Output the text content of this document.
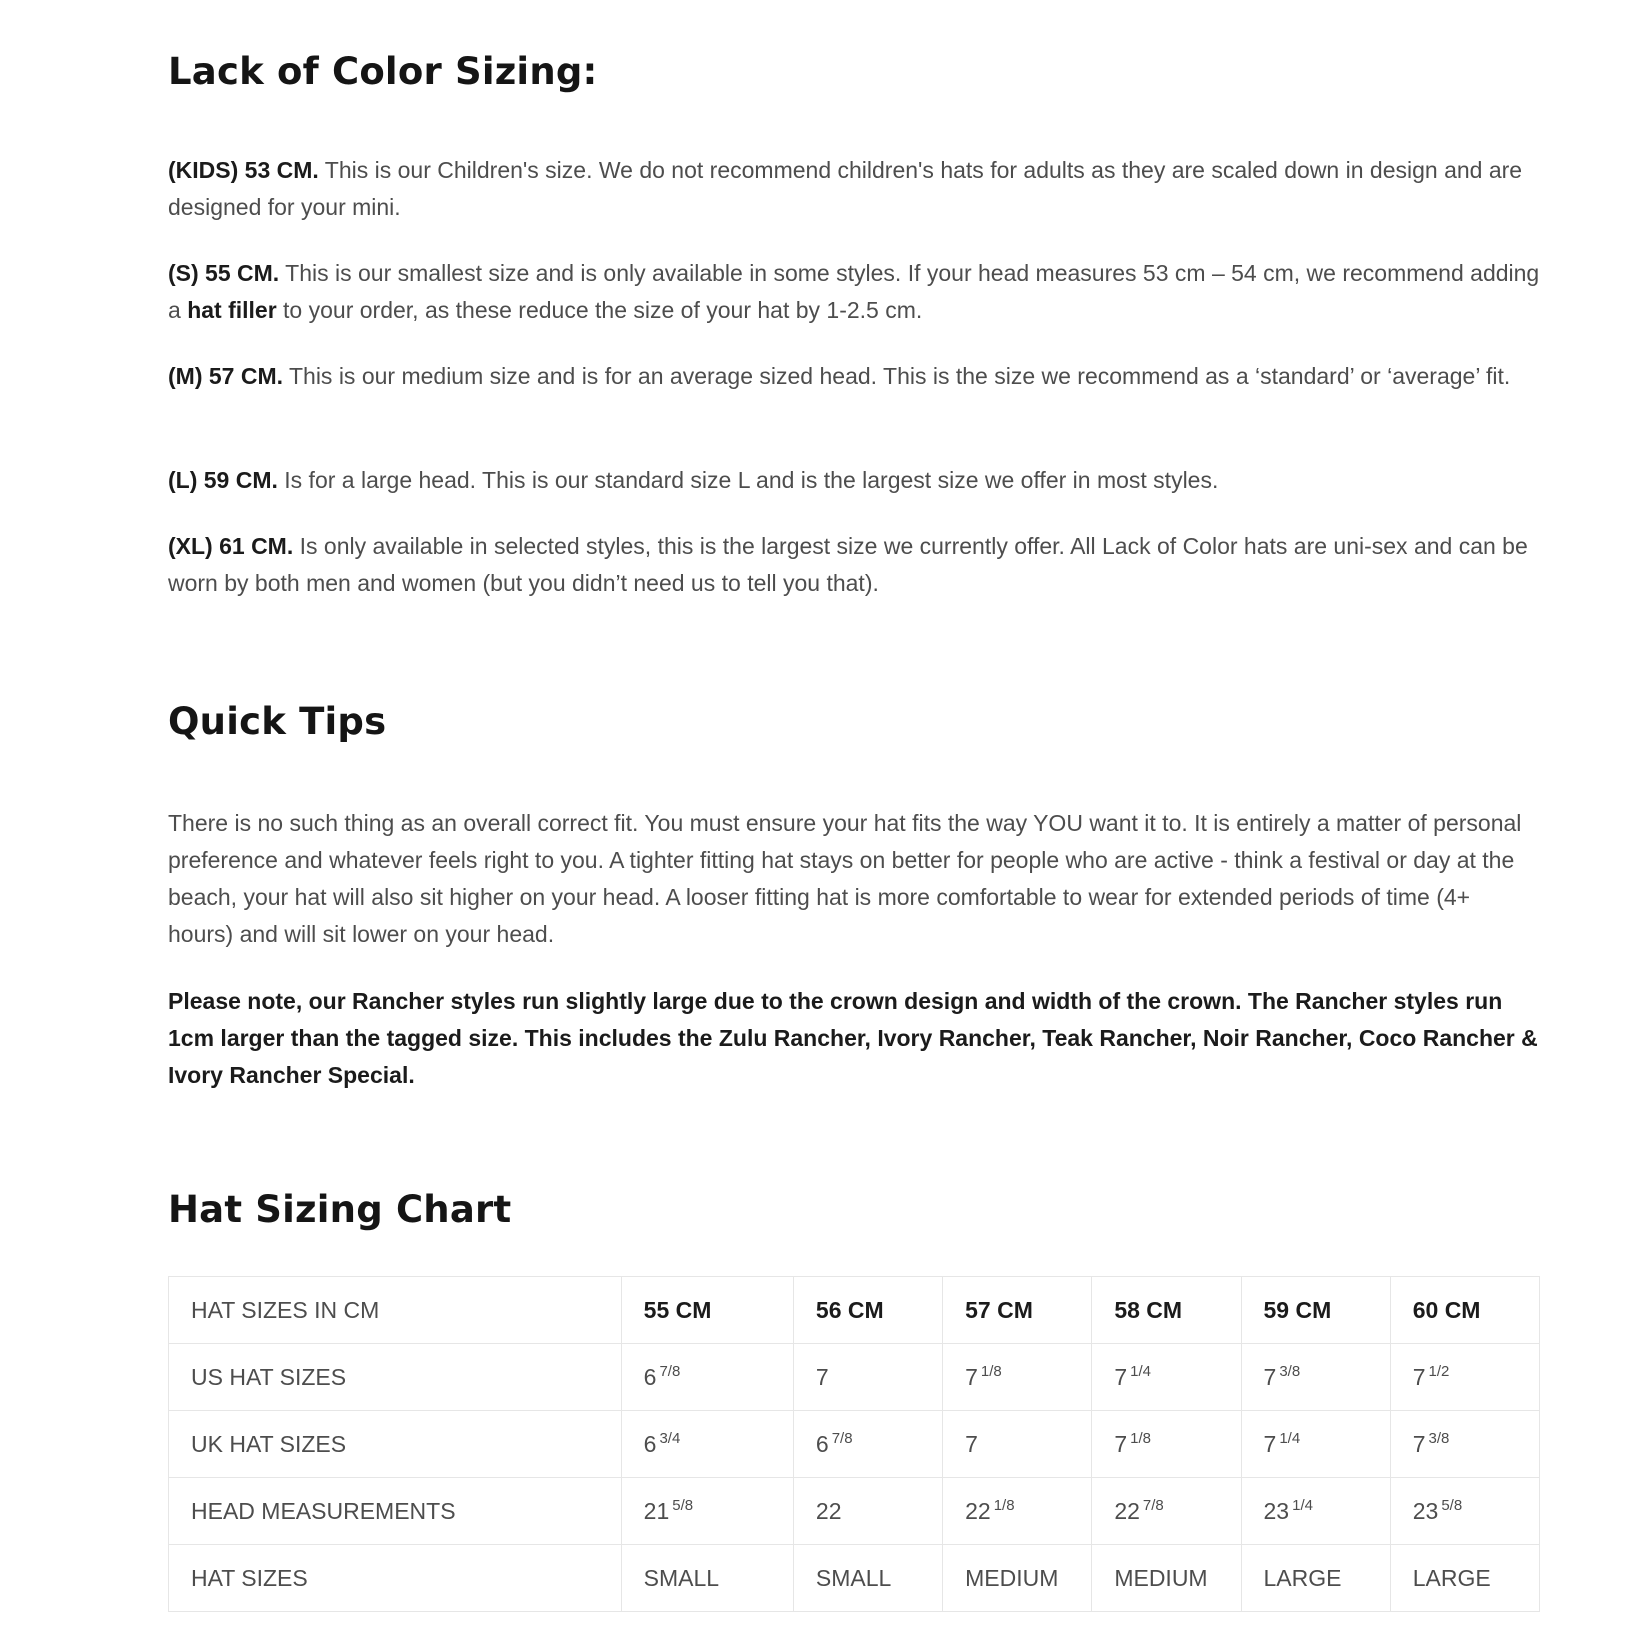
Lack of Color Sizing:

(KIDS) 53 CM. This is our Children's size. We do not recommend children's hats for adults as they are scaled down in design and are designed for your mini.

(S) 55 CM. This is our smallest size and is only available in some styles. If your head measures 53 cm – 54 cm, we recommend adding a hat filler to your order, as these reduce the size of your hat by 1-2.5 cm.

(M) 57 CM. This is our medium size and is for an average sized head. This is the size we recommend as a ‘standard’ or ‘average’ fit.

(L) 59 CM. Is for a large head. This is our standard size L and is the largest size we offer in most styles.

(XL) 61 CM. Is only available in selected styles, this is the largest size we currently offer. All Lack of Color hats are uni-sex and can be worn by both men and women (but you didn’t need us to tell you that).

Quick Tips

There is no such thing as an overall correct fit. You must ensure your hat fits the way YOU want it to. It is entirely a matter of personal preference and whatever feels right to you. A tighter fitting hat stays on better for people who are active - think a festival or day at the beach, your hat will also sit higher on your head. A looser fitting hat is more comfortable to wear for extended periods of time (4+ hours) and will sit lower on your head.

Please note, our Rancher styles run slightly large due to the crown design and width of the crown. The Rancher styles run 1cm larger than the tagged size. This includes the Zulu Rancher, Ivory Rancher, Teak Rancher, Noir Rancher, Coco Rancher & Ivory Rancher Special.

Hat Sizing Chart
HAT SIZES IN CM	55 CM	56 CM	57 CM	58 CM	59 CM	60 CM
US HAT SIZES	6 $^{7/8}$	7	7 $^{1/8}$	7 $^{1/4}$	7 $^{3/8}$	7 $^{1/2}$
UK HAT SIZES	6 $^{3/4}$	6 $^{7/8}$	7	7 $^{1/8}$	7 $^{1/4}$	7 $^{3/8}$
HEAD MEASUREMENTS	21 $^{5/8}$	22	22 $^{1/8}$	22 $^{7/8}$	23 $^{1/4}$	23 $^{5/8}$
HAT SIZES	SMALL	SMALL	MEDIUM	MEDIUM	LARGE	LARGE
